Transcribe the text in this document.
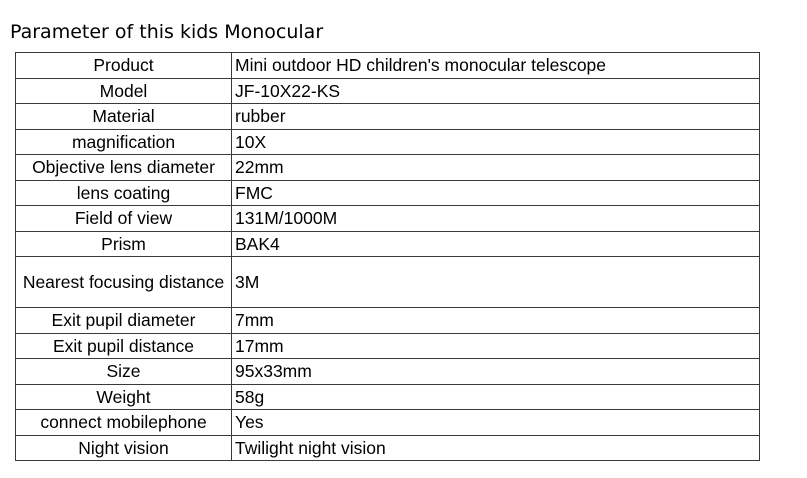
Parameter of this kids Monocular
Product	Mini outdoor HD children's monocular telescope
Model	JF-10X22-KS
Material	rubber
magnification	10X
Objective lens diameter	22mm
lens coating	FMC
Field of view	131M/1000M
Prism	BAK4
Nearest focusing distance	3M
Exit pupil diameter	7mm
Exit pupil distance	17mm
Size	95x33mm
Weight	58g
connect mobilephone	Yes
Night vision	Twilight night vision
